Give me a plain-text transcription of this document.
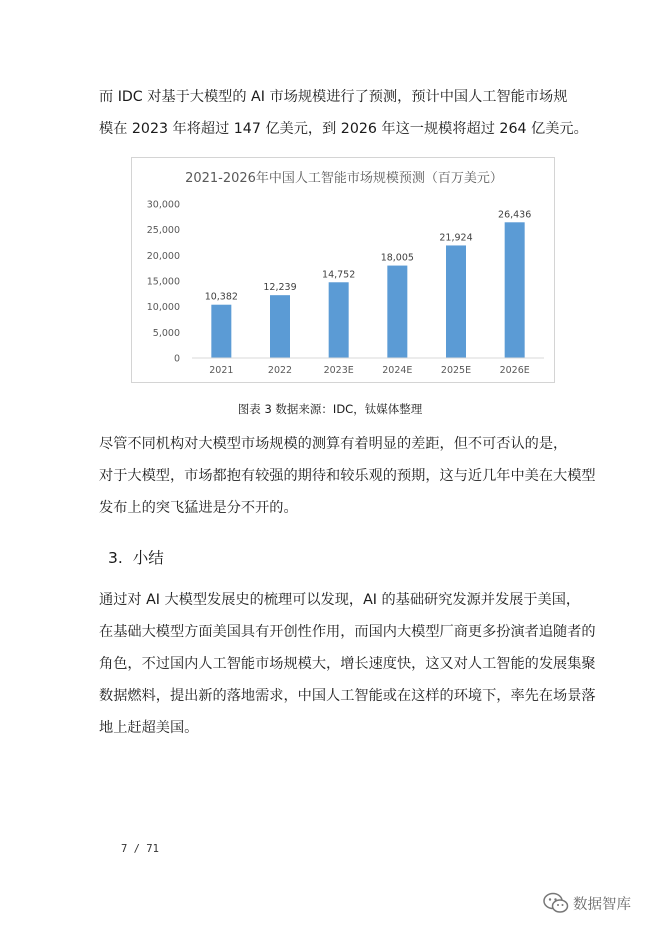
而 IDC 对基于大模型的 AI 市场规模进行了预测，预计中国人工智能市场规
模在 2023 年将超过 147 亿美元，到 2026 年这一规模将超过 264 亿美元。

2021-2026年中国人工智能市场规模预测（百万美元）
0
5,000
10,000
15,000
20,000
25,000
30,000
10,382
12,239
14,752
18,005
21,924
26,436
2021	2022	2023E	2024E	2025E	2026E
图表 3 数据来源：IDC，钛媒体整理

尽管不同机构对大模型市场规模的测算有着明显的差距，但不可否认的是，
对于大模型，市场都抱有较强的期待和较乐观的预期，这与近几年中美在大模型
发布上的突飞猛进是分不开的。

3. 小结

通过对 AI 大模型发展史的梳理可以发现，AI 的基础研究发源并发展于美国，
在基础大模型方面美国具有开创性作用，而国内大模型厂商更多扮演者追随者的
角色，不过国内人工智能市场规模大，增长速度快，这又对人工智能的发展集聚
数据燃料，提出新的落地需求，中国人工智能或在这样的环境下，率先在场景落
地上赶超美国。

7 / 71
数据智库
